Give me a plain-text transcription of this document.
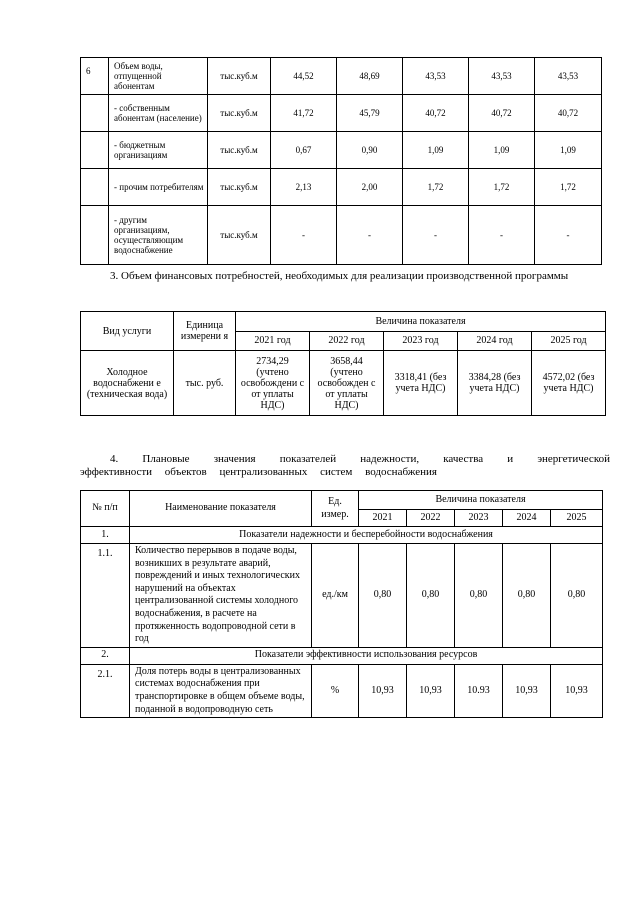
6	Объем воды, отпущенной абонентам	тыс.куб.м	44,52	48,69	43,53	43,53	43,53
	- собственным абонентам (население)	тыс.куб.м	41,72	45,79	40,72	40,72	40,72
	- бюджетным организациям	тыс.куб.м	0,67	0,90	1,09	1,09	1,09
	- прочим потребителям	тыс.куб.м	2,13	2,00	1,72	1,72	1,72
	- другим организациям, осуществляющим водоснабжение	тыс.куб.м	-	-	-	-	-
3. Объем финансовых потребностей, необходимых для реализации производственной программы
Вид услуги	Единица измерени я	Величина показателя				
		2021 год	2022 год	2023 год	2024 год	2025 год
Холодное водоснабжени е (техническая вода)	тыс. руб.	2734,29 (учтено освобождени с от уплаты НДС)	3658,44 (учтено освобожден с от уплаты НДС)	3318,41 (без учета НДС)	3384,28 (без учета НДС)	4572,02 (без учета НДС)
4. Плановые значения показателей надежности, качества и энергетической эффективности объектов централизованных систем водоснабжения
№ п/п	Наименование показателя	Ед. измер.	Величина показателя				
			2021	2022	2023	2024	2025
1.	Показатели надежности и бесперебойности водоснабжения						
1.1.	Количество перерывов в подаче воды, возникших в результате аварий, повреждений и иных технологических нарушений на объектах централизованной системы холодного водоснабжения, в расчете на протяженность водопроводной сети в год	ед./км	0,80	0,80	0,80	0,80	0,80
2.	Показатели эффективности использования ресурсов						
2.1.	Доля потерь воды в централизованных системах водоснабжения при транспортировке в общем объеме воды, поданной в водопроводную сеть	%	10,93	10,93	10.93	10,93	10,93
